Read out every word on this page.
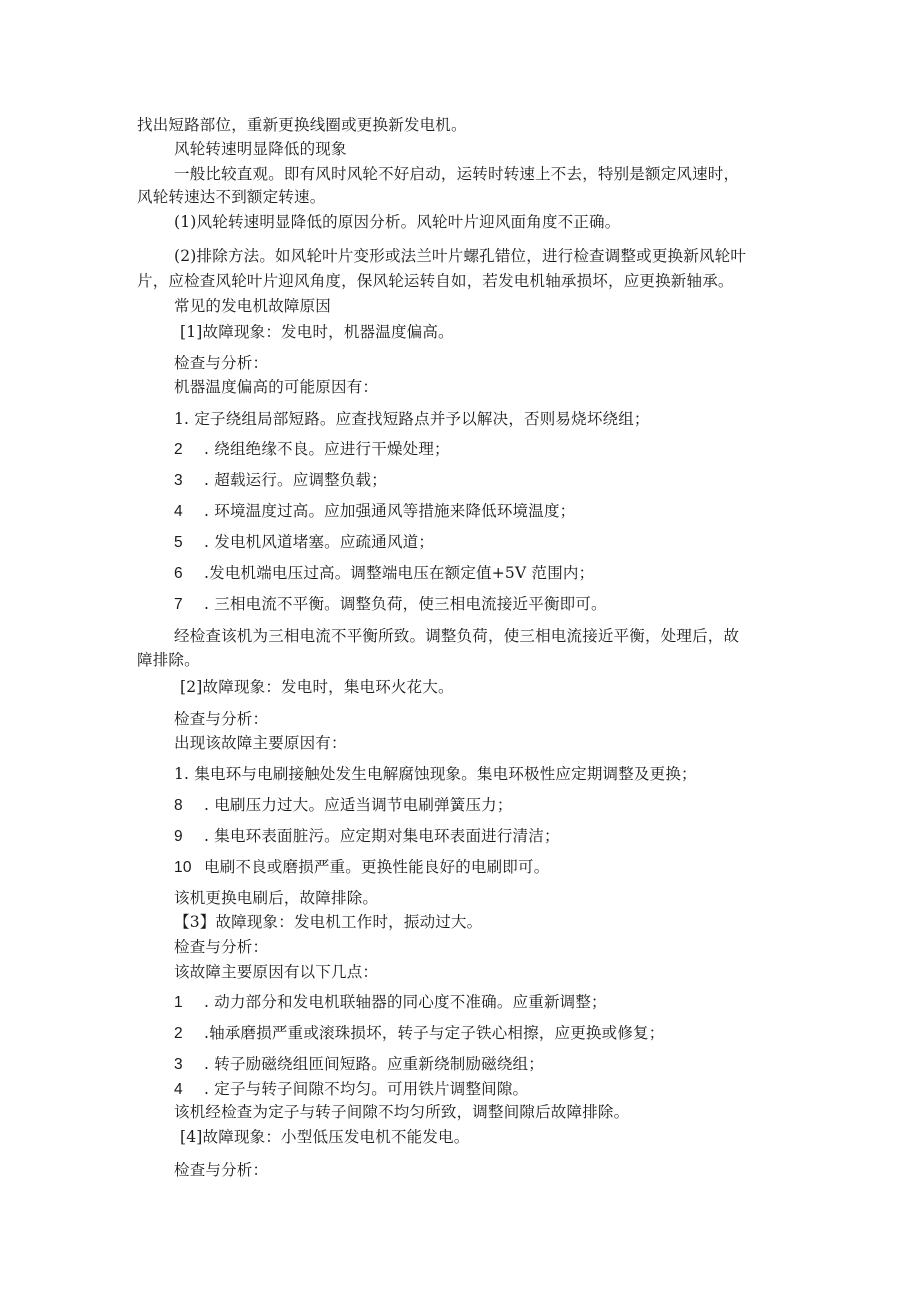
找出短路部位，重新更换线圈或更换新发电机。
风轮转速明显降低的现象
一般比较直观。即有风时风轮不好启动，运转时转速上不去，特别是额定风速时，
风轮转速达不到额定转速。
(1)风轮转速明显降低的原因分析。风轮叶片迎风面角度不正确。
(2)排除方法。如风轮叶片变形或法兰叶片螺孔错位，进行检查调整或更换新风轮叶
片，应检查风轮叶片迎风角度，保风轮运转自如，若发电机轴承损坏，应更换新轴承。
常见的发电机故障原因
[1]故障现象：发电时，机器温度偏高。
检查与分析：
机器温度偏高的可能原因有：
1. 定子绕组局部短路。应查找短路点并予以解决，否则易烧坏绕组；
2 . 绕组绝缘不良。应进行干燥处理；
3 . 超载运行。应调整负载；
4 . 环境温度过高。应加强通风等措施来降低环境温度；
5 . 发电机风道堵塞。应疏通风道；
6 .发电机端电压过高。调整端电压在额定值+5V 范围内；
7 . 三相电流不平衡。调整负荷，使三相电流接近平衡即可。
经检查该机为三相电流不平衡所致。调整负荷，使三相电流接近平衡，处理后，故
障排除。
[2]故障现象：发电时，集电环火花大。
检查与分析：
出现该故障主要原因有：
1. 集电环与电刷接触处发生电解腐蚀现象。集电环极性应定期调整及更换；
8 . 电刷压力过大。应适当调节电刷弹簧压力；
9 . 集电环表面脏污。应定期对集电环表面进行清洁；
10 电刷不良或磨损严重。更换性能良好的电刷即可。
该机更换电刷后，故障排除。
【3】故障现象：发电机工作时，振动过大。
检查与分析：
该故障主要原因有以下几点：
1 . 动力部分和发电机联轴器的同心度不准确。应重新调整；
2 .轴承磨损严重或滚珠损坏，转子与定子铁心相擦，应更换或修复；
3 . 转子励磁绕组匝间短路。应重新绕制励磁绕组；
4 . 定子与转子间隙不均匀。可用铁片调整间隙。
该机经检查为定子与转子间隙不均匀所致，调整间隙后故障排除。
[4]故障现象：小型低压发电机不能发电。
检查与分析：
